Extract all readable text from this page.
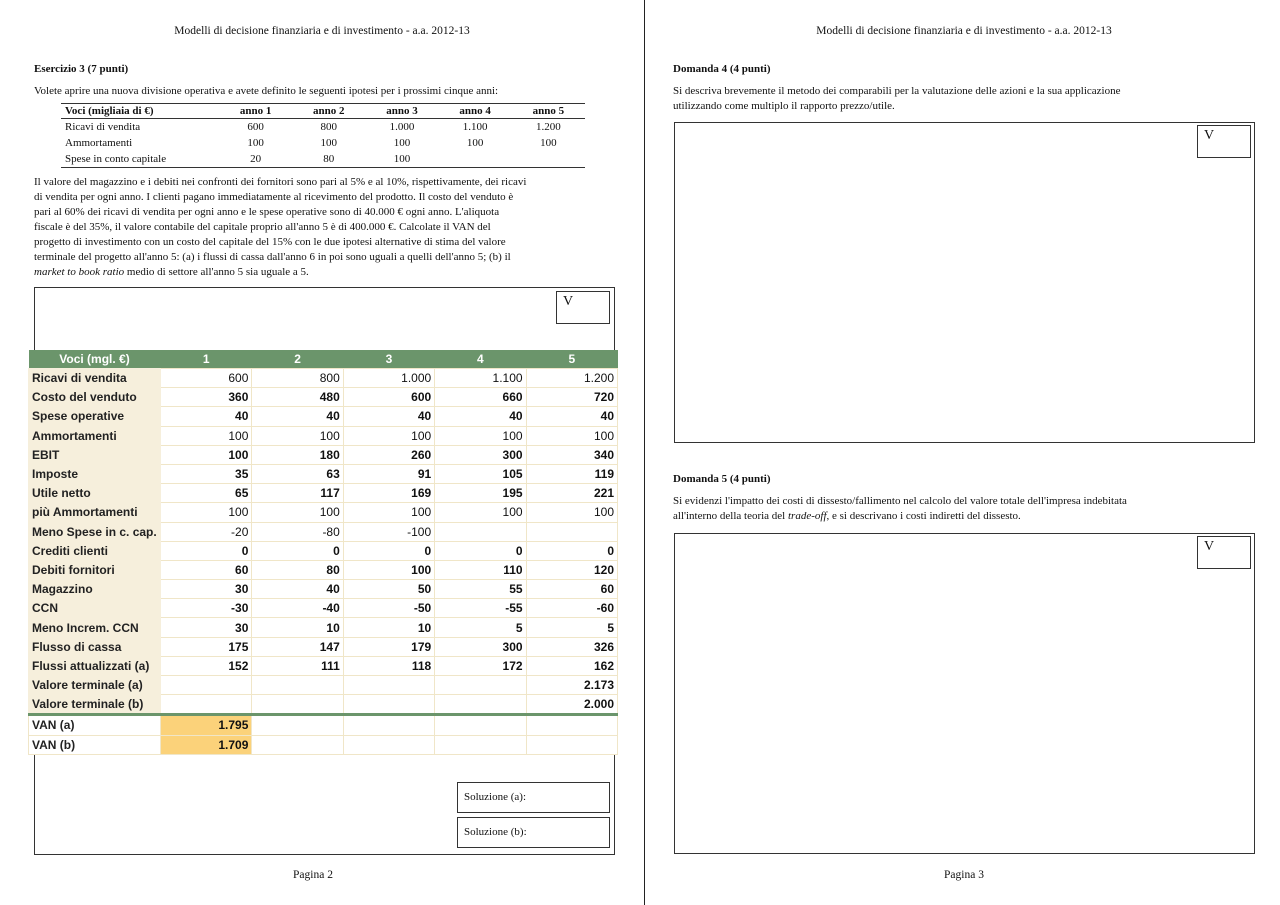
Modelli di decisione finanziaria e di investimento - a.a. 2012-13
Esercizio 3 (7 punti)
Volete aprire una nuova divisione operativa e avete definito le seguenti ipotesi per i prossimi cinque anni:
Voci (migliaia di €)	anno 1	anno 2	anno 3	anno 4	anno 5
Ricavi di vendita	600	800	1.000	1.100	1.200
Ammortamenti	100	100	100	100	100
Spese in conto capitale	20	80	100		
Il valore del magazzino e i debiti nei confronti dei fornitori sono pari al 5% e al 10%, rispettivamente, dei ricavi
di vendita per ogni anno. I clienti pagano immediatamente al ricevimento del prodotto. Il costo del venduto è
pari al 60% dei ricavi di vendita per ogni anno e le spese operative sono di 40.000 € ogni anno. L'aliquota
fiscale è del 35%, il valore contabile del capitale proprio all'anno 5 è di 400.000 €. Calcolate il VAN del
progetto di investimento con un costo del capitale del 15% con le due ipotesi alternative di stima del valore
terminale del progetto all'anno 5: (a) i flussi di cassa dall'anno 6 in poi sono uguali a quelli dell'anno 5; (b) il
market to book ratio medio di settore all'anno 5 sia uguale a 5.
V
Voci (mgl. €)	1	2	3	4	5
Ricavi di vendita	600	800	1.000	1.100	1.200
Costo del venduto	360	480	600	660	720
Spese operative	40	40	40	40	40
Ammortamenti	100	100	100	100	100
EBIT	100	180	260	300	340
Imposte	35	63	91	105	119
Utile netto	65	117	169	195	221
più Ammortamenti	100	100	100	100	100
Meno Spese in c. cap.	-20	-80	-100		
Crediti clienti	0	0	0	0	0
Debiti fornitori	60	80	100	110	120
Magazzino	30	40	50	55	60
CCN	-30	-40	-50	-55	-60
Meno Increm. CCN	30	10	10	5	5
Flusso di cassa	175	147	179	300	326
Flussi attualizzati (a)	152	111	118	172	162
Valore terminale (a)					2.173
Valore terminale (b)					2.000
VAN (a)	1.795				
VAN (b)	1.709				
Soluzione (a):
Soluzione (b):
Pagina 2
Modelli di decisione finanziaria e di investimento - a.a. 2012-13
Domanda 4 (4 punti)
Si descriva brevemente il metodo dei comparabili per la valutazione delle azioni e la sua applicazione
utilizzando come multiplo il rapporto prezzo/utile.
V
Domanda 5 (4 punti)
Si evidenzi l'impatto dei costi di dissesto/fallimento nel calcolo del valore totale dell'impresa indebitata
all'interno della teoria del trade-off, e si descrivano i costi indiretti del dissesto.
V
Pagina 3
